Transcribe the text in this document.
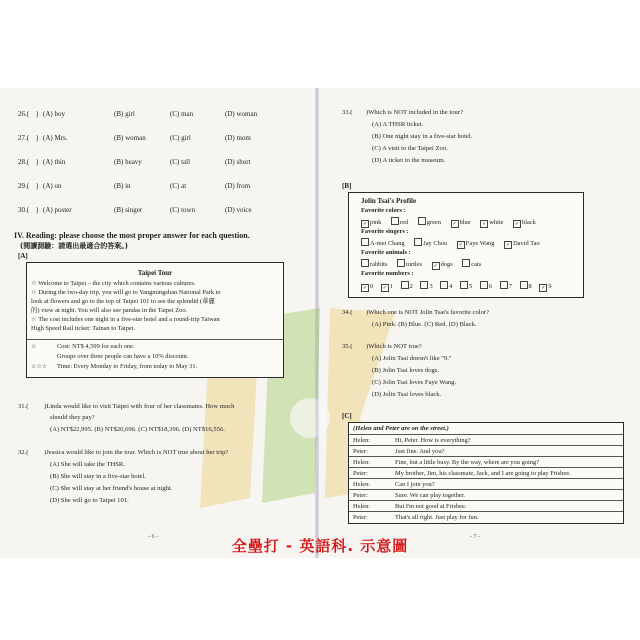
26.( ) (A) boy	(B) girl	(C) man	(D) woman
27.( ) (A) Mrs.	(B) woman	(C) girl	(D) mom
28.( ) (A) thin	(B) heavy	(C) tall	(D) short
29.( ) (A) on	(B) in	(C) at	(D) from
30.( ) (A) poster	(B) singer	(C) town	(D) voice
IV. Reading: please choose the most proper answer for each question.
(閱讀測驗：請選出最適合的答案。)
[A]
Taipei Tour
☆ Welcome to Taipei – the city which contains various cultures.
☆ During the two-day trip, you will go to Yangmingshan National Park to
look at flowers and go to the top of Taipei 101 to see the splendid (華麗
的) view at night. You will also see pandas in the Taipei Zoo.
☆ The cost includes one night in a five-star hotel and a round-trip Taiwan
High Speed Rail ticket: Tainan to Taipei.
☆	Cost: NT$ 4,599 for each one.
Groups over three people can have a 10% discount.
☆☆☆ Time: Every Monday to Friday, from today to May 31.
31.( )Linda would like to visit Taipei with four of her classmates. How much
should they pay?
(A) NT$22,995. (B) NT$20,696. (C) NT$18,396. (D) NT$16,556.
32.( )Jessica would like to join the tour. Which is NOT true about her trip?
(A) She will take the THSR.
(B) She will stay in a five-star hotel.
(C) She will stay at her friend's house at night.
(D) She will go to Taipei 101.
- 6 -
33.( )Which is NOT included in the tour?
(A) A THSR ticket.
(B) One night stay in a five-star hotel.
(C) A visit to the Taipei Zoo.
(D) A ticket to the museum.
[B]
Jolin Tsai's Profile
Favorite colors :
✓ pink	red	green ✓ blue ✓ white ✓ black
Favorite singers :
A-mei Chang	Jay Chou ✓ Faye Wang ✓ David Tao
Favorite animals :
rabbits	turtles ✓ dogs	cats
Favorite numbers :
✓ 0 ✓ 1	2	3	4	5	6	7	8 ✓ 9
34.( )Which one is NOT Jolin Tsai's favorite color?
(A) Pink. (B) Blue. (C) Red. (D) Black.
35.( )Which is NOT true?
(A) Jolin Tsai doesn't like "9."
(B) Jolin Tsai loves dogs.
(C) Jolin Tsai loves Faye Wang.
(D) Jolin Tsai loves black.
[C]
(Helen and Peter are on the street.)
Helen:	Hi, Peter. How is everything?
Peter:	Just fine. And you?
Helen:	Fine, but a little busy. By the way, where are you going?
Peter:	My brother, Jim, his classmate, Jack, and I are going to play Frisbee.
Helen:	Can I join you?
Peter:	Sure. We can play together.
Helen:	But I'm not good at Frisbee.
Peter:	That's all right. Just play for fun.
- 7 -
全壘打 - 英語科. 示意圖
